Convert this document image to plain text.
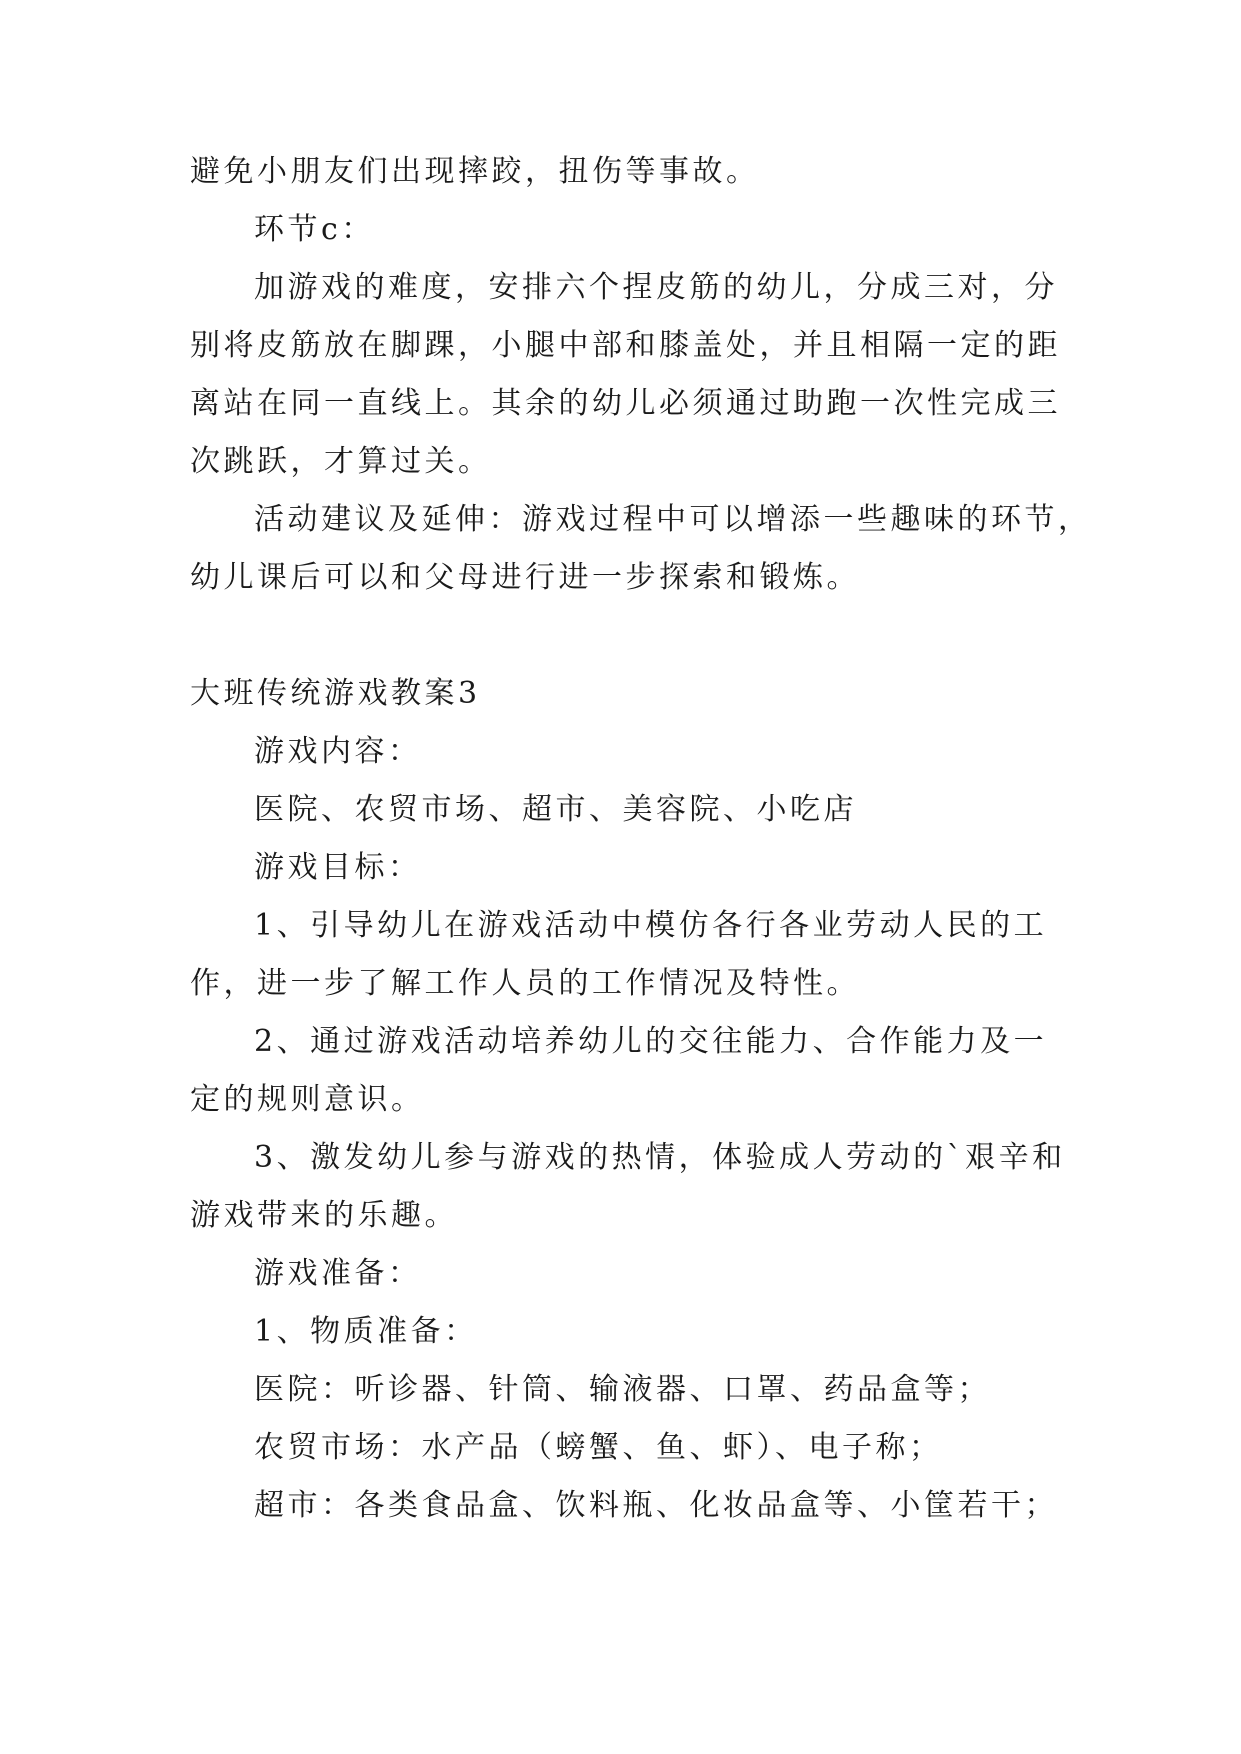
避免小朋友们出现摔跤，扭伤等事故。
环节c：
加游戏的难度，安排六个捏皮筋的幼儿，分成三对，分
别将皮筋放在脚踝，小腿中部和膝盖处，并且相隔一定的距
离站在同一直线上。其余的幼儿必须通过助跑一次性完成三
次跳跃，才算过关。
活动建议及延伸：游戏过程中可以增添一些趣味的环节，
幼儿课后可以和父母进行进一步探索和锻炼。
大班传统游戏教案3
游戏内容：
医院、农贸市场、超市、美容院、小吃店
游戏目标：
1、引导幼儿在游戏活动中模仿各行各业劳动人民的工
作，进一步了解工作人员的工作情况及特性。
2、通过游戏活动培养幼儿的交往能力、合作能力及一
定的规则意识。
3、激发幼儿参与游戏的热情，体验成人劳动的`艰辛和
游戏带来的乐趣。
游戏准备：
1、物质准备：
医院：听诊器、针筒、输液器、口罩、药品盒等；
农贸市场：水产品（螃蟹、鱼、虾）、电子称；
超市：各类食品盒、饮料瓶、化妆品盒等、小筐若干；
